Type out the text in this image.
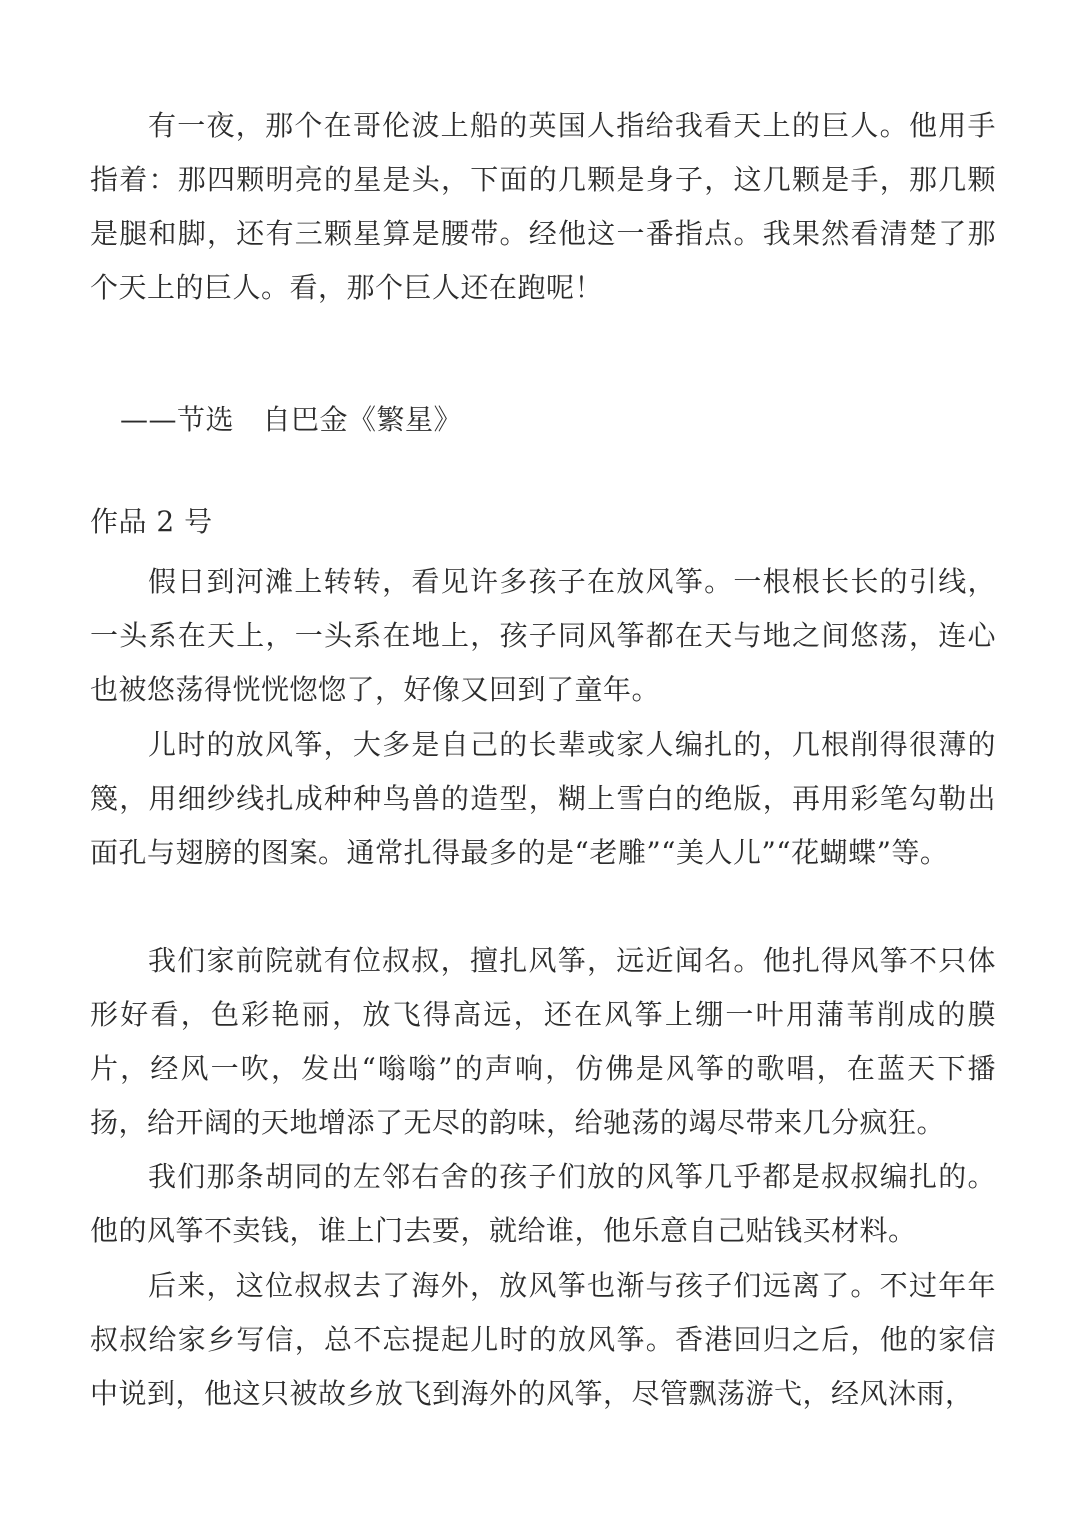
有一夜，那个在哥伦波上船的英国人指给我看天上的巨人。他用手指着：那四颗明亮的星是头，下面的几颗是身子，这几颗是手，那几颗是腿和脚，还有三颗星算是腰带。经他这一番指点。我果然看清楚了那个天上的巨人。看，那个巨人还在跑呢！

——节选　自巴金《繁星》

作品 2 号

假日到河滩上转转，看见许多孩子在放风筝。一根根长长的引线，一头系在天上，一头系在地上，孩子同风筝都在天与地之间悠荡，连心也被悠荡得恍恍惚惚了，好像又回到了童年。

儿时的放风筝，大多是自己的长辈或家人编扎的，几根削得很薄的篾，用细纱线扎成种种鸟兽的造型，糊上雪白的绝版，再用彩笔勾勒出面孔与翅膀的图案。通常扎得最多的是“老雕”“美人儿”“花蝴蝶”等。

我们家前院就有位叔叔，擅扎风筝，远近闻名。他扎得风筝不只体形好看，色彩艳丽，放飞得高远，还在风筝上绷一叶用蒲苇削成的膜片，经风一吹，发出“嗡嗡”的声响，仿佛是风筝的歌唱，在蓝天下播扬，给开阔的天地增添了无尽的韵味，给驰荡的竭尽带来几分疯狂。

我们那条胡同的左邻右舍的孩子们放的风筝几乎都是叔叔编扎的。他的风筝不卖钱，谁上门去要，就给谁，他乐意自己贴钱买材料。

后来，这位叔叔去了海外，放风筝也渐与孩子们远离了。不过年年叔叔给家乡写信，总不忘提起儿时的放风筝。香港回归之后，他的家信中说到，他这只被故乡放飞到海外的风筝，尽管飘荡游弋，经风沐雨，
